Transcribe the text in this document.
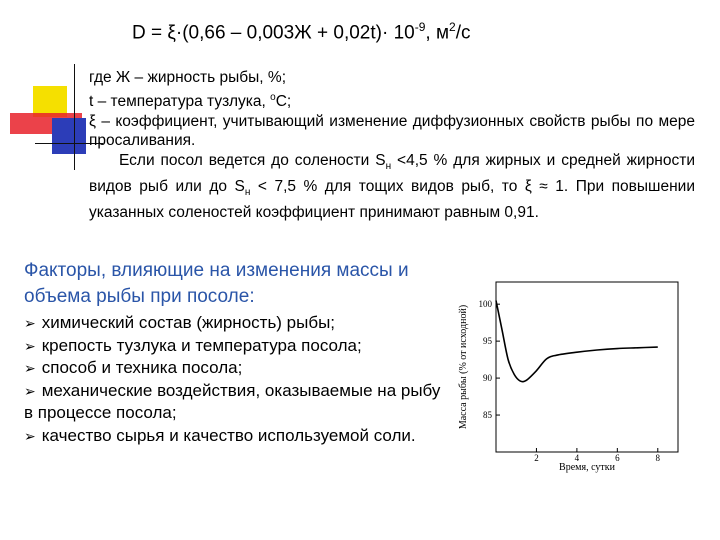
$D = \xi\cdot(0,66 - 0,003Ж + 0,02t)\cdot 10^{-9}$, $м^2/с$

где Ж – жирность рыбы, %;

t – температура тузлука, $^o$С;

ξ – коэффициент, учитывающий изменение диффузионных свойств рыбы по мере просаливания.

Если посол ведется до солености $S_н <4,5$ % для жирных и средней жирности видов рыб или до $S_н < 7,5$ % для тощих видов рыб, то ξ ≈ 1. При повышении указанных соленостей коэффициент принимают равным 0,91.

Факторы, влияющие на изменения массы и объема рыбы при посоле:
➢ химический состав (жирность) рыбы;
➢ крепость тузлука и температура посола;
➢ способ и техника посола;
➢ механические воздействия, оказываемые на рыбу в процессе посола;
➢ качество сырья и качество используемой соли.
Масса рыбы (% от исходной)
Время, сутки
2	4	6	8
100
95
90
85
